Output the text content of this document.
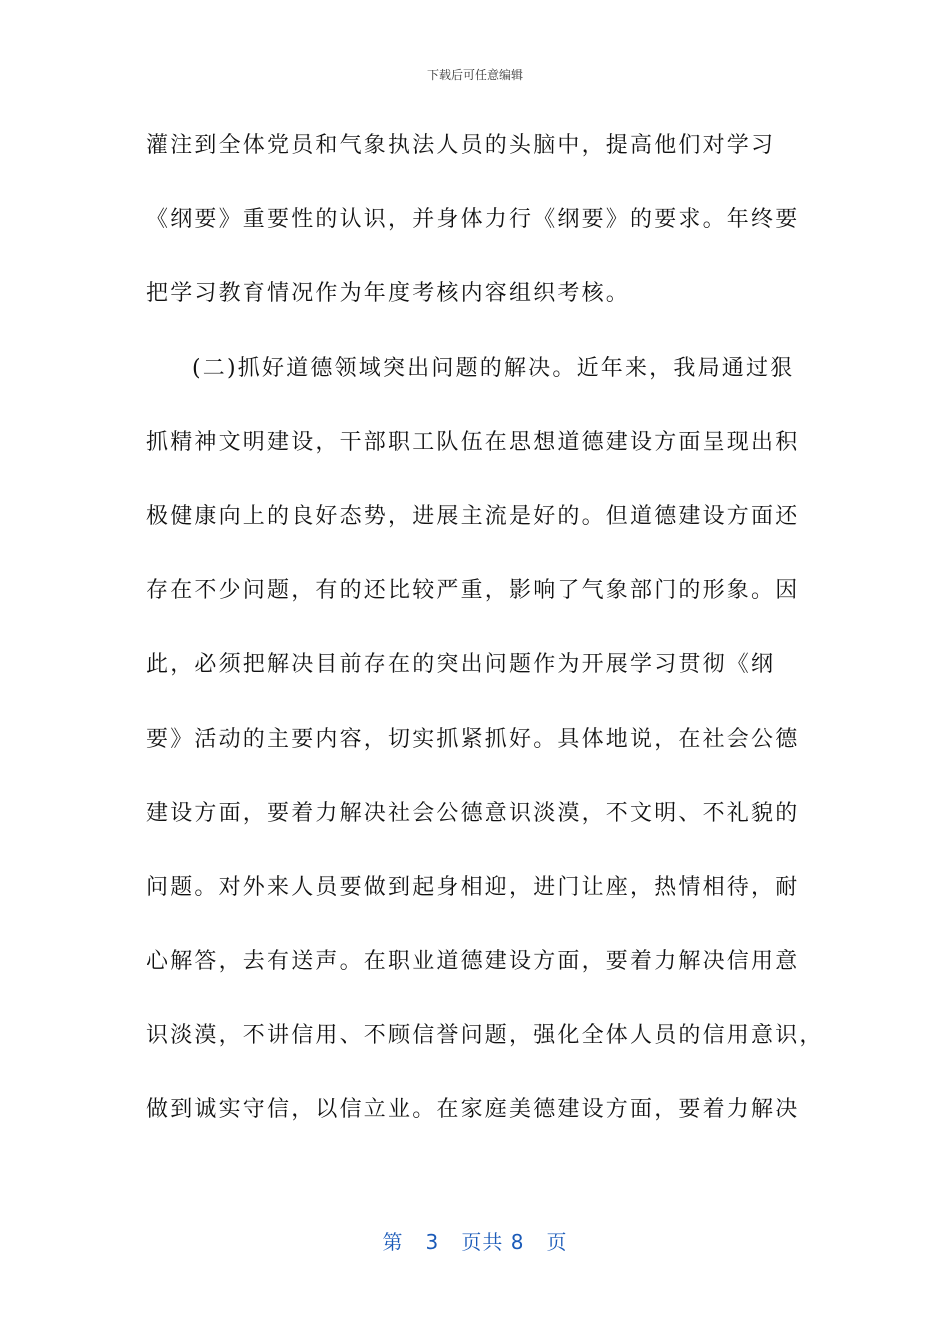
下载后可任意编辑
灌注到全体党员和气象执法人员的头脑中，提高他们对学习
《纲要》重要性的认识，并身体力行《纲要》的要求。年终要
把学习教育情况作为年度考核内容组织考核。
(二)抓好道德领域突出问题的解决。近年来，我局通过狠
抓精神文明建设，干部职工队伍在思想道德建设方面呈现出积
极健康向上的良好态势，进展主流是好的。但道德建设方面还
存在不少问题，有的还比较严重，影响了气象部门的形象。因
此，必须把解决目前存在的突出问题作为开展学习贯彻《纲
要》活动的主要内容，切实抓紧抓好。具体地说，在社会公德
建设方面，要着力解决社会公德意识淡漠，不文明、不礼貌的
问题。对外来人员要做到起身相迎，进门让座，热情相待，耐
心解答，去有送声。在职业道德建设方面，要着力解决信用意
识淡漠，不讲信用、不顾信誉问题，强化全体人员的信用意识，
做到诚实守信，以信立业。在家庭美德建设方面，要着力解决
第 3 页共 8 页
